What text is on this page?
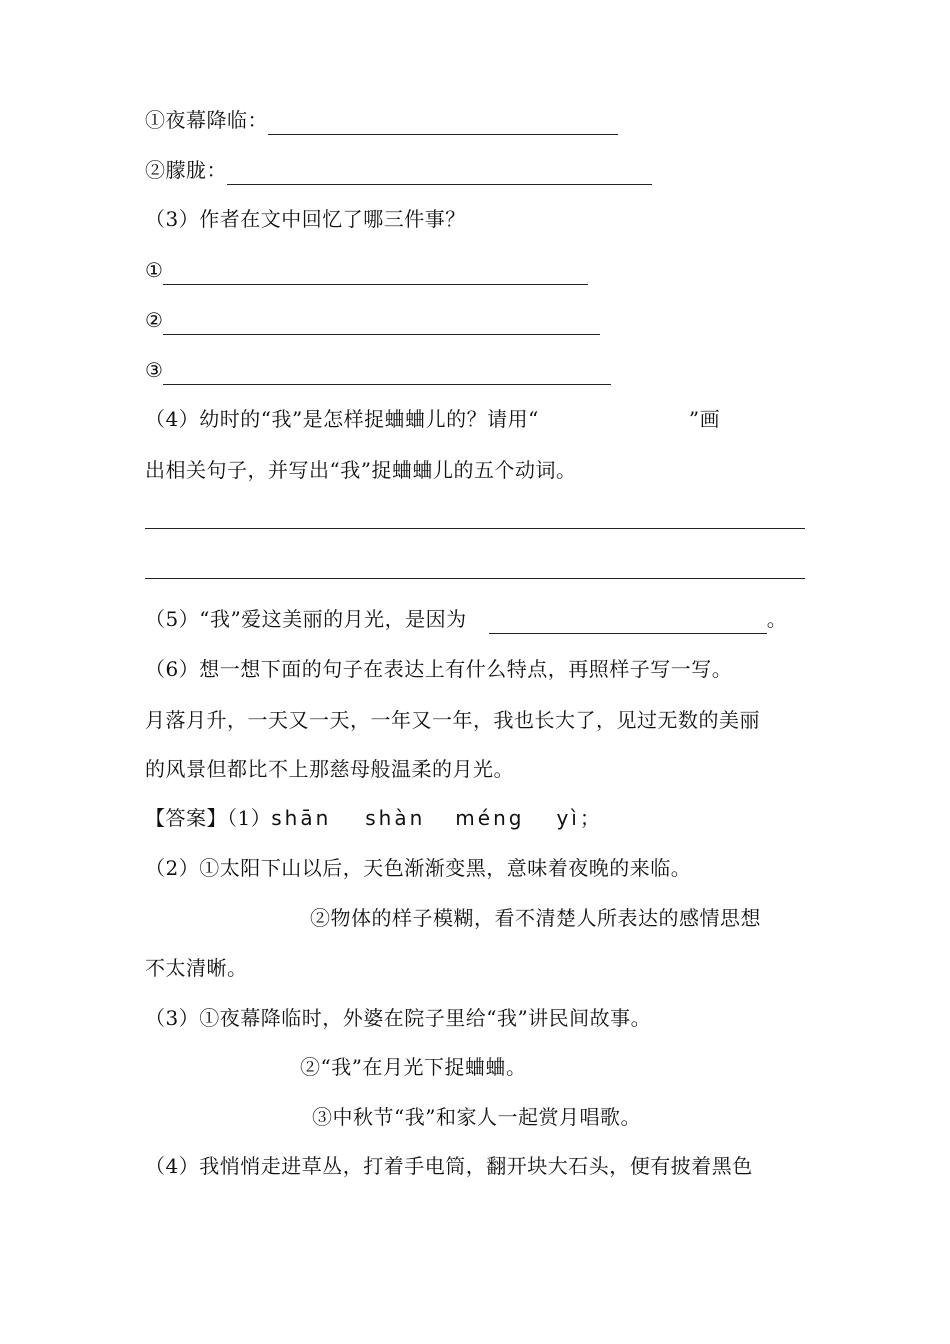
①夜幕降临：
②朦胧：
（3）作者在文中回忆了哪三件事？
①
②
③
（4）幼时的“我”是怎样捉蛐蛐儿的？请用“	”画
出相关句子，并写出“我”捉蛐蛐儿的五个动词。
（5）“我”爱这美丽的月光，是因为	。
（6）想一想下面的句子在表达上有什么特点，再照样子写一写。
月落月升，一天又一天，一年又一年，我也长大了，见过无数的美丽
的风景但都比不上那慈母般温柔的月光。
【答案】（1）shān shàn méng yì；
（2）①太阳下山以后，天色渐渐变黑，意味着夜晚的来临。
②物体的样子模糊，看不清楚人所表达的感情思想
不太清晰。
（3）①夜幕降临时，外婆在院子里给“我”讲民间故事。
②“我”在月光下捉蛐蛐。
③中秋节“我”和家人一起赏月唱歌。
（4）我悄悄走进草丛，打着手电筒，翻开块大石头，便有披着黑色
